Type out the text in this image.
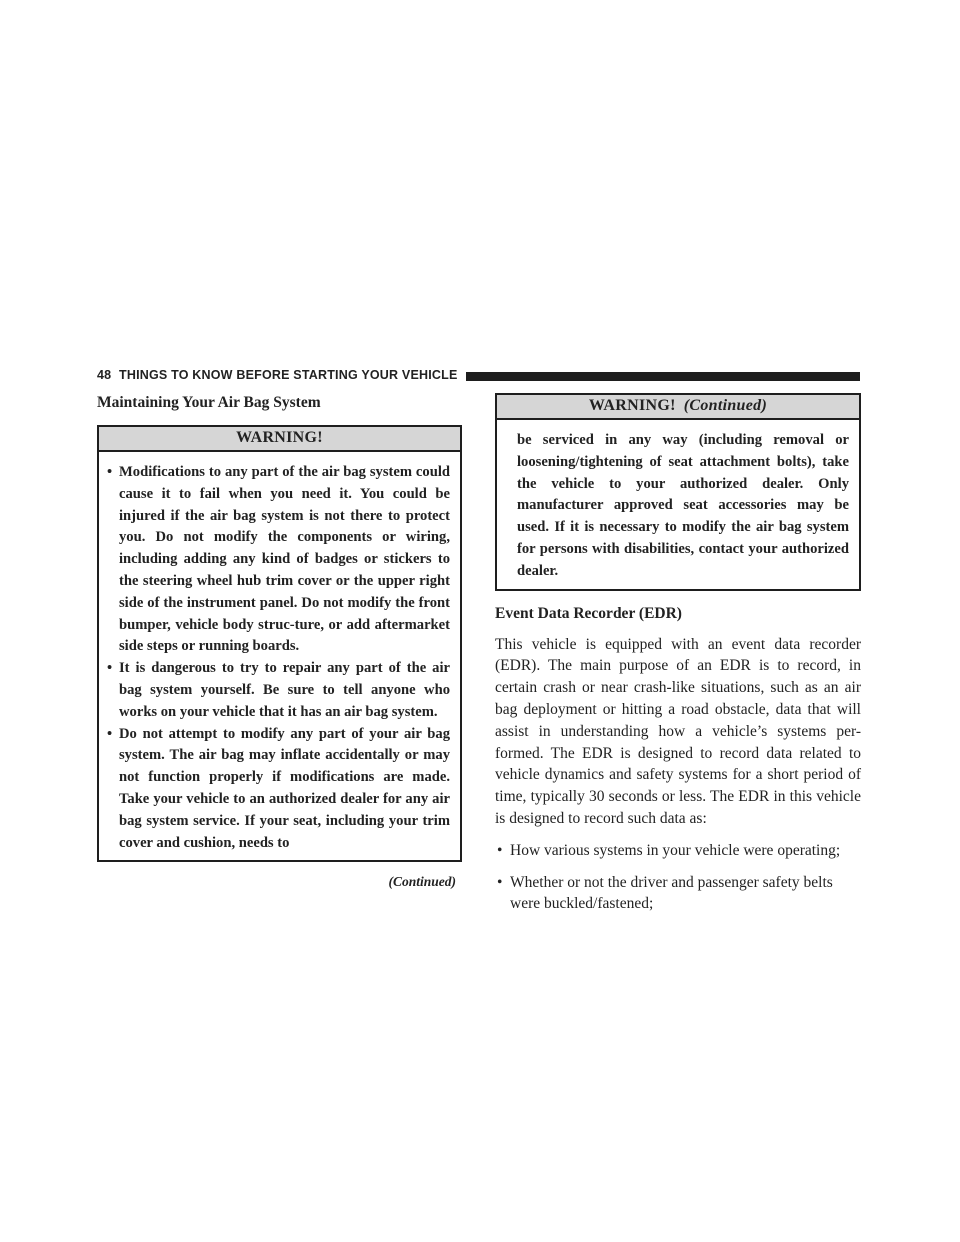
48 THINGS TO KNOW BEFORE STARTING YOUR VEHICLE
Maintaining Your Air Bag System
WARNING!
• Modifications to any part of the air bag system could cause it to fail when you need it. You could be injured if the air bag system is not there to protect you. Do not modify the components or wiring, including adding any kind of badges or stickers to the steering wheel hub trim cover or the upper right side of the instrument panel. Do not modify the front bumper, vehicle body struc-ture, or add aftermarket side steps or running boards.
• It is dangerous to try to repair any part of the air bag system yourself. Be sure to tell anyone who works on your vehicle that it has an air bag system.
• Do not attempt to modify any part of your air bag system. The air bag may inflate accidentally or may not function properly if modifications are made. Take your vehicle to an authorized dealer for any air bag system service. If your seat, including your trim cover and cushion, needs to
(Continued)
WARNING! (Continued)
be serviced in any way (including removal or loosening/tightening of seat attachment bolts), take the vehicle to your authorized dealer. Only manufacturer approved seat accessories may be used. If it is necessary to modify the air bag system for persons with disabilities, contact your authorized dealer.
Event Data Recorder (EDR)

This vehicle is equipped with an event data recorder (EDR). The main purpose of an EDR is to record, in certain crash or near crash-like situations, such as an air bag deployment or hitting a road obstacle, data that will assist in understanding how a vehicle’s systems per-formed. The EDR is designed to record data related to vehicle dynamics and safety systems for a short period of time, typically 30 seconds or less. The EDR in this vehicle is designed to record such data as:

• How various systems in your vehicle were operating;
• Whether or not the driver and passenger safety belts were buckled/fastened;
